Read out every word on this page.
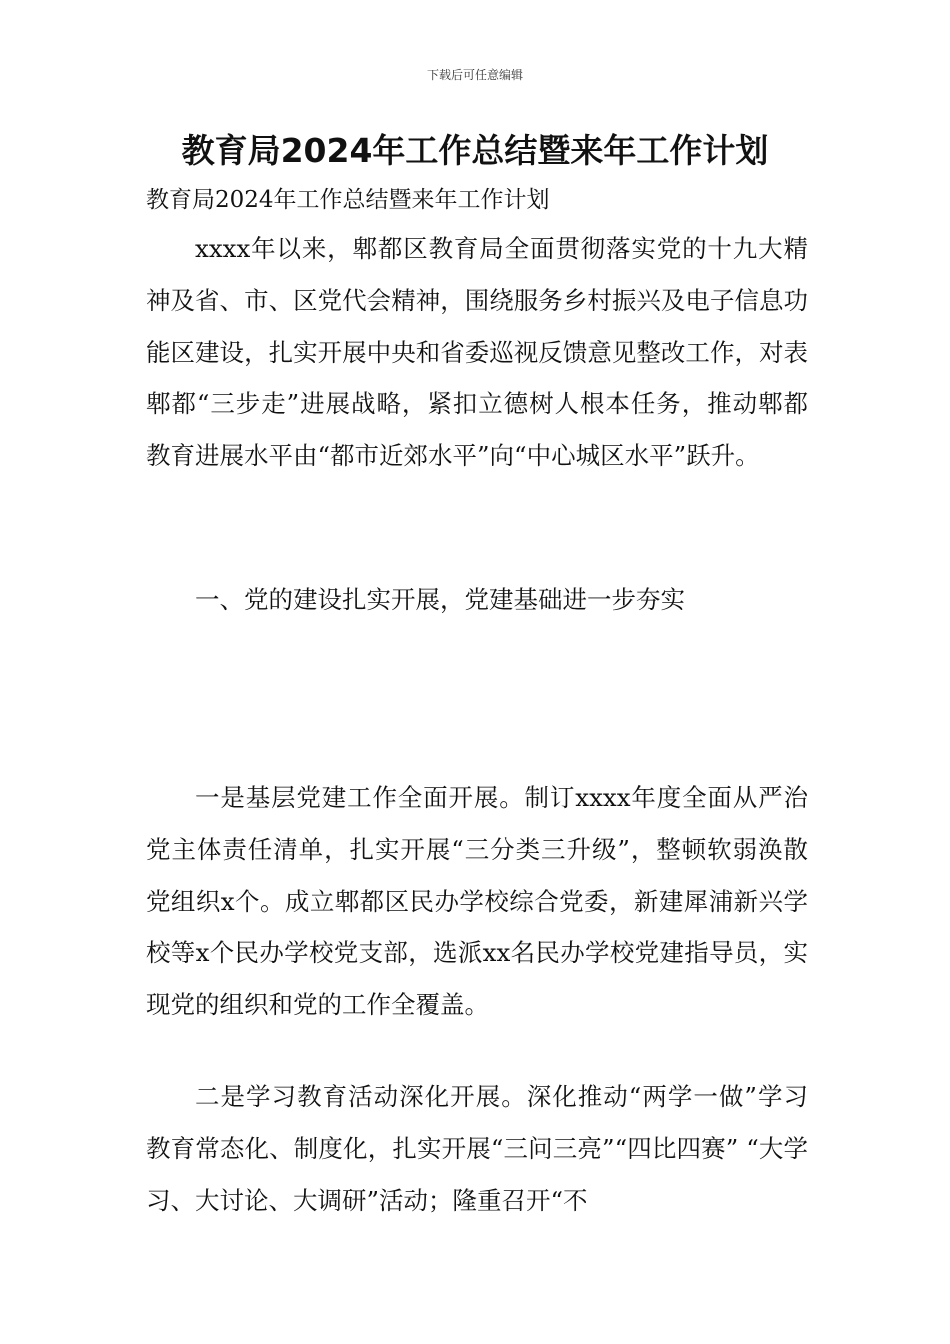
下载后可任意编辑
教育局2024年工作总结暨来年工作计划
教育局2024年工作总结暨来年工作计划

xxxx年以来，郫都区教育局全面贯彻落实党的十九大精神及省、市、区党代会精神，围绕服务乡村振兴及电子信息功能区建设，扎实开展中央和省委巡视反馈意见整改工作，对表郫都“三步走”进展战略，紧扣立德树人根本任务，推动郫都教育进展水平由“都市近郊水平”向“中心城区水平”跃升。

一、党的建设扎实开展，党建基础进一步夯实

一是基层党建工作全面开展。制订xxxx年度全面从严治党主体责任清单，扎实开展“三分类三升级”，整顿软弱涣散党组织x个。成立郫都区民办学校综合党委，新建犀浦新兴学校等x个民办学校党支部，选派xx名民办学校党建指导员，实现党的组织和党的工作全覆盖。

二是学习教育活动深化开展。深化推动“两学一做”学习教育常态化、制度化，扎实开展“三问三亮”“四比四赛” “大学习、大讨论、大调研”活动；隆重召开“不
